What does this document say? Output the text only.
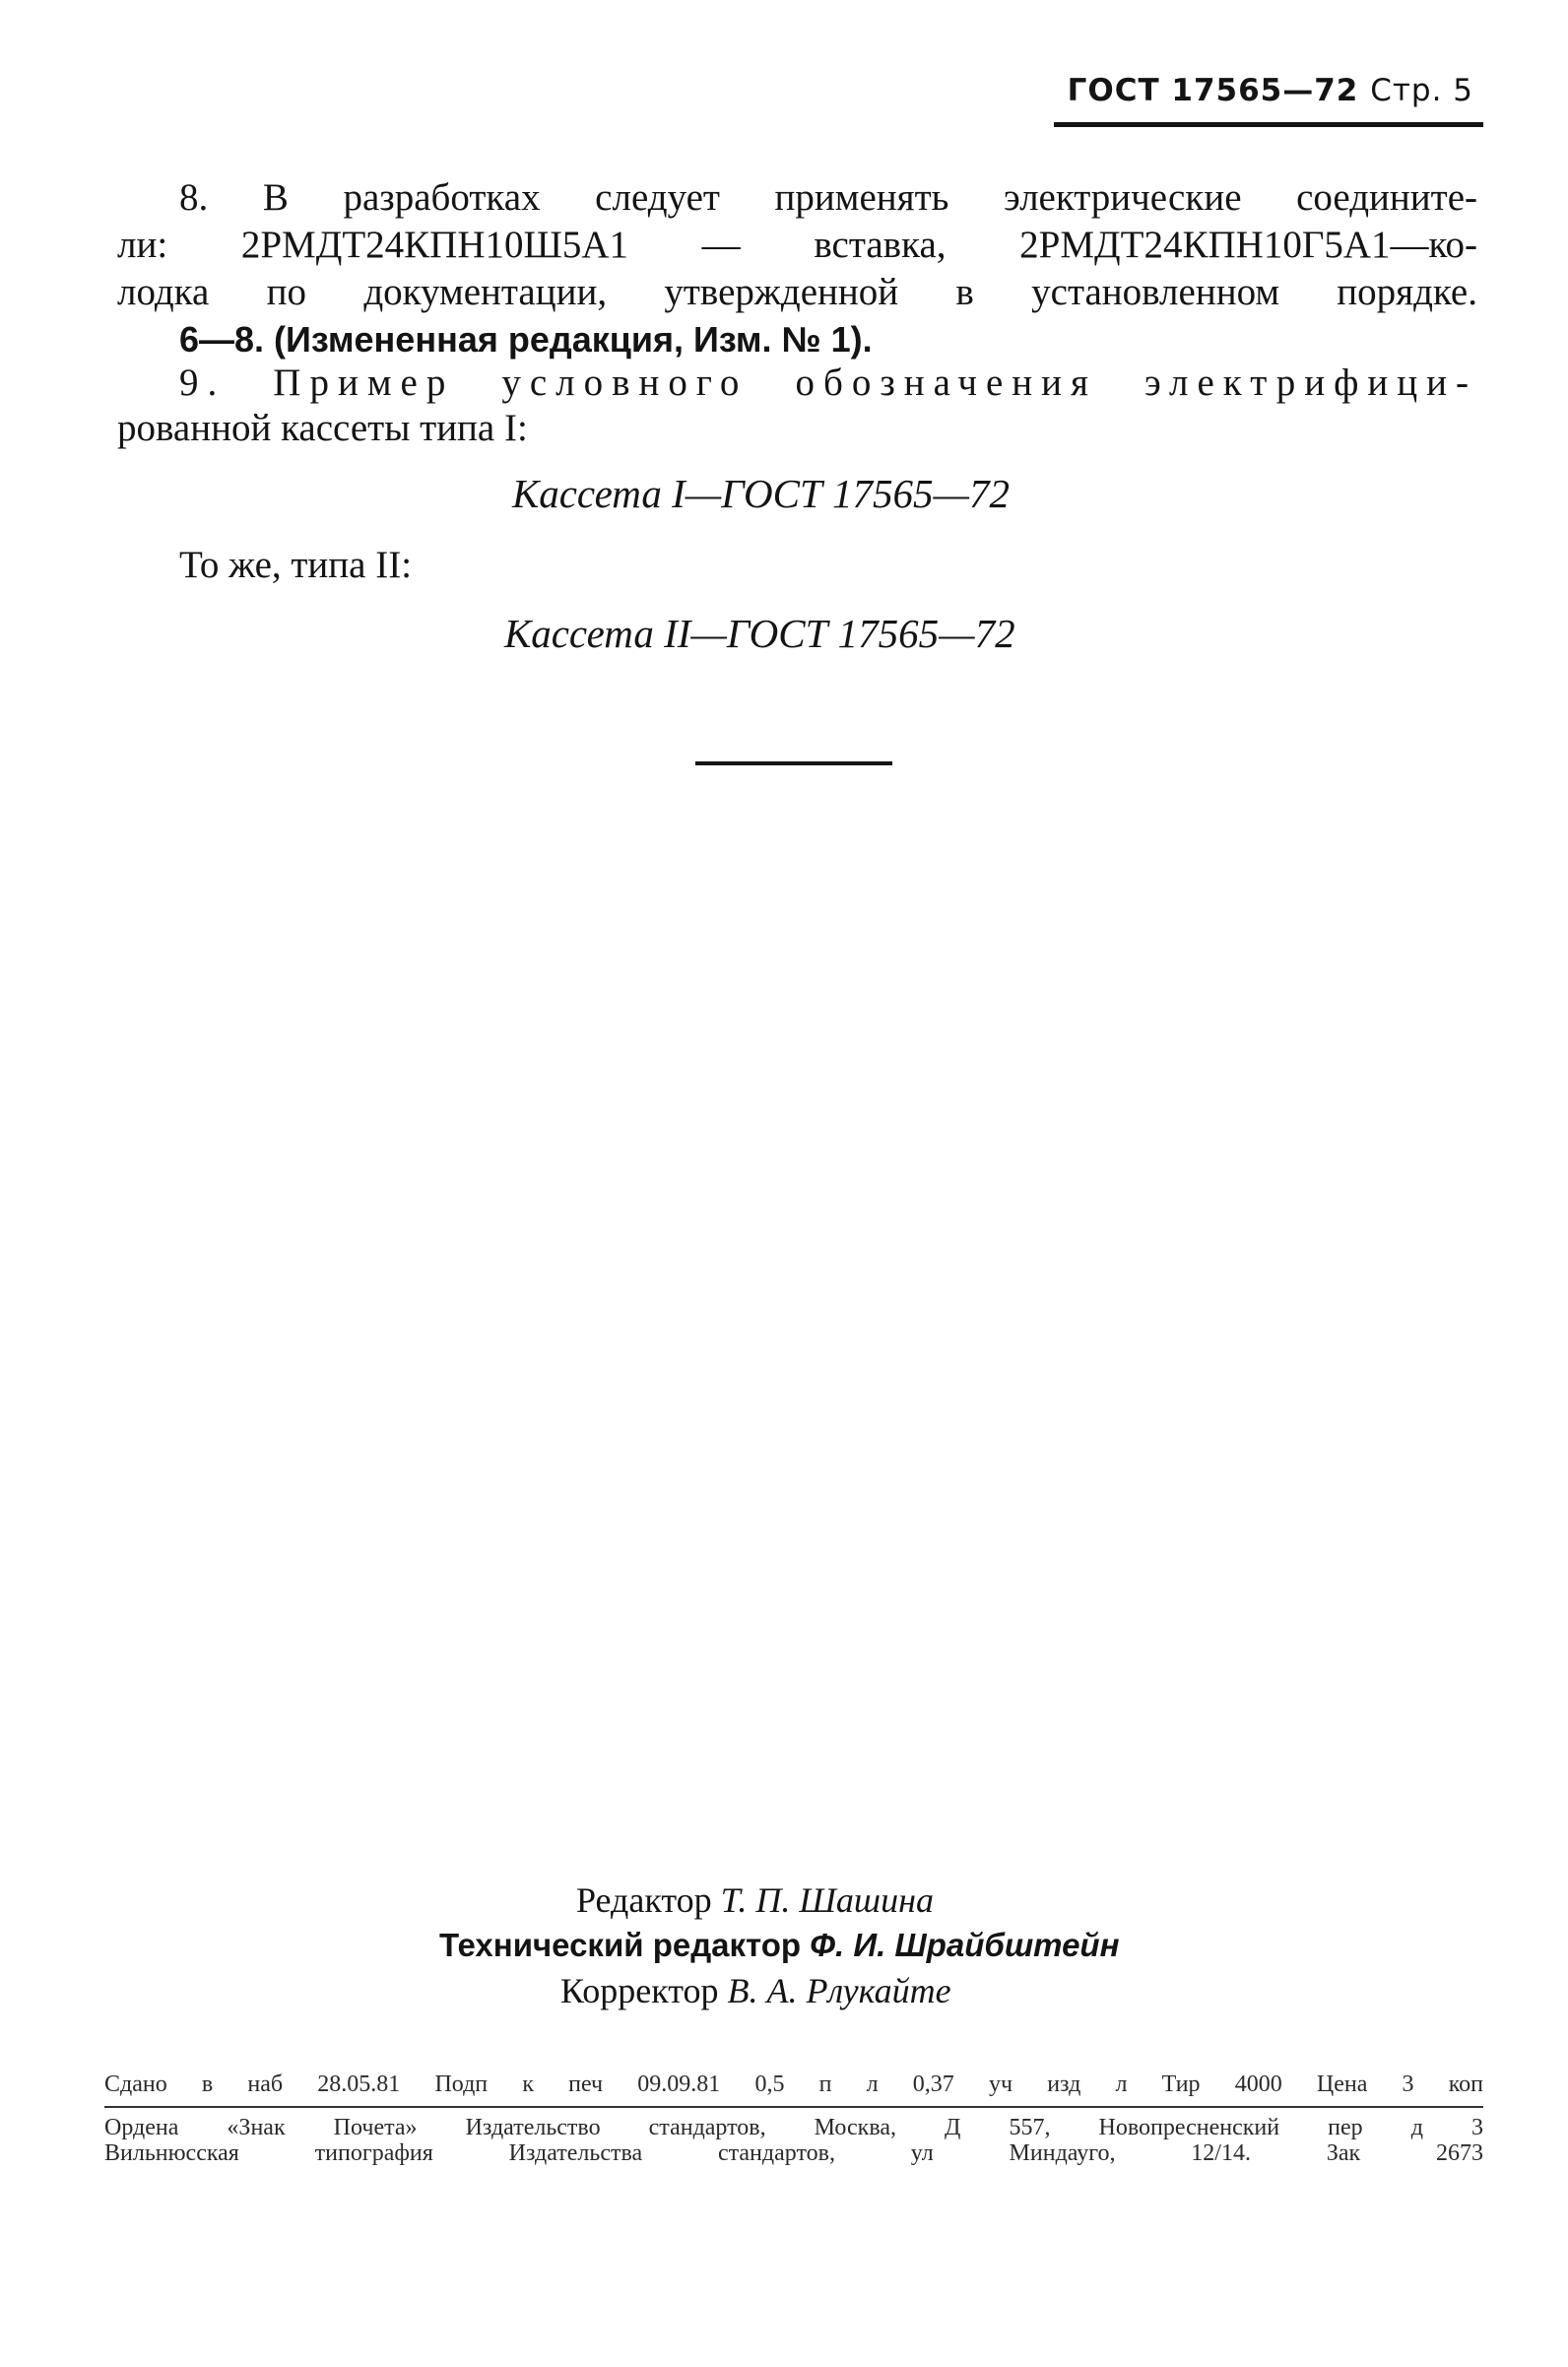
ГОСТ 17565—72 Стр. 5
8. В разработках следует применять электрические соедините-
ли: 2РМДТ24КПН10Ш5А1 — вставка, 2РМДТ24КПН10Г5А1—ко-
лодка по документации, утвержденной в установленном порядке.
6—8. (Измененная редакция, Изм. № 1).
9. Пример условного обозначения электрифици-
рованной кассеты типа I:
Кассета I—ГОСТ 17565—72
То же, типа II:
Кассета II—ГОСТ 17565—72
Редактор Т. П. Шашина
Технический редактор Ф. И. Шрайбштейн
Корректор В. А. Рлукайте
Сдано в наб 28.05.81 Подп к печ 09.09.81 0,5 п л 0,37 уч изд л Тир 4000 Цена 3 коп
Ордена «Знак Почета» Издательство стандартов, Москва, Д 557, Новопресненский пер д 3
Вильнюсская типография Издательства стандартов, ул Миндауго, 12/14. Зак 2673
